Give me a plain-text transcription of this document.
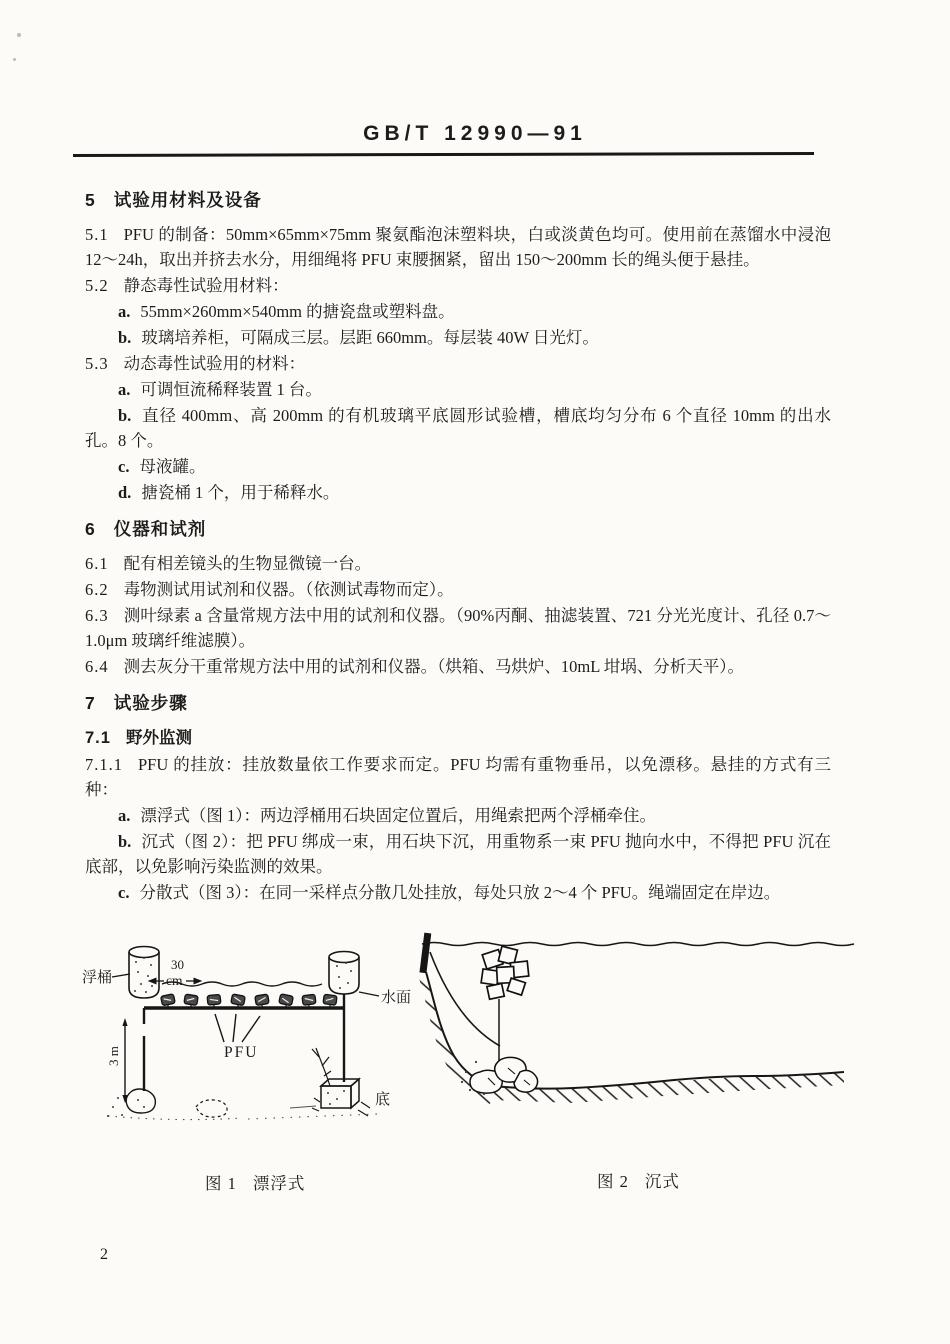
GB/T 12990—91
5 试验用材料及设备

5.1 PFU 的制备：50mm×65mm×75mm 聚氨酯泡沫塑料块，白或淡黄色均可。使用前在蒸馏水中浸泡 12～24h，取出并挤去水分，用细绳将 PFU 束腰捆紧，留出 150～200mm 长的绳头便于悬挂。

5.2 静态毒性试验用材料：

a. 55mm×260mm×540mm 的搪瓷盘或塑料盘。

b. 玻璃培养柜，可隔成三层。层距 660mm。每层装 40W 日光灯。

5.3 动态毒性试验用的材料：

a. 可调恒流稀释装置 1 台。

b. 直径 400mm、高 200mm 的有机玻璃平底圆形试验槽，槽底均匀分布 6 个直径 10mm 的出水孔。8 个。

c. 母液罐。

d. 搪瓷桶 1 个，用于稀释水。

6 仪器和试剂

6.1 配有相差镜头的生物显微镜一台。

6.2 毒物测试用试剂和仪器。（依测试毒物而定）。

6.3 测叶绿素 a 含量常规方法中用的试剂和仪器。（90%丙酮、抽滤装置、721 分光光度计、孔径 0.7～1.0μm 玻璃纤维滤膜）。

6.4 测去灰分干重常规方法中用的试剂和仪器。（烘箱、马烘炉、10mL 坩埚、分析天平）。

7 试验步骤

7.1 野外监测

7.1.1 PFU 的挂放：挂放数量依工作要求而定。PFU 均需有重物垂吊，以免漂移。悬挂的方式有三种：

a. 漂浮式（图 1）：两边浮桶用石块固定位置后，用绳索把两个浮桶牵住。

b. 沉式（图 2）：把 PFU 绑成一束，用石块下沉，用重物系一束 PFU 抛向水中，不得把 PFU 沉在底部，以免影响污染监测的效果。

c. 分散式（图 3）：在同一采样点分散几处挂放，每处只放 2～4 个 PFU。绳端固定在岸边。

浮桶
水面
30
cm
PFU
3 m
底
图 1 漂浮式	图 2 沉式
2
